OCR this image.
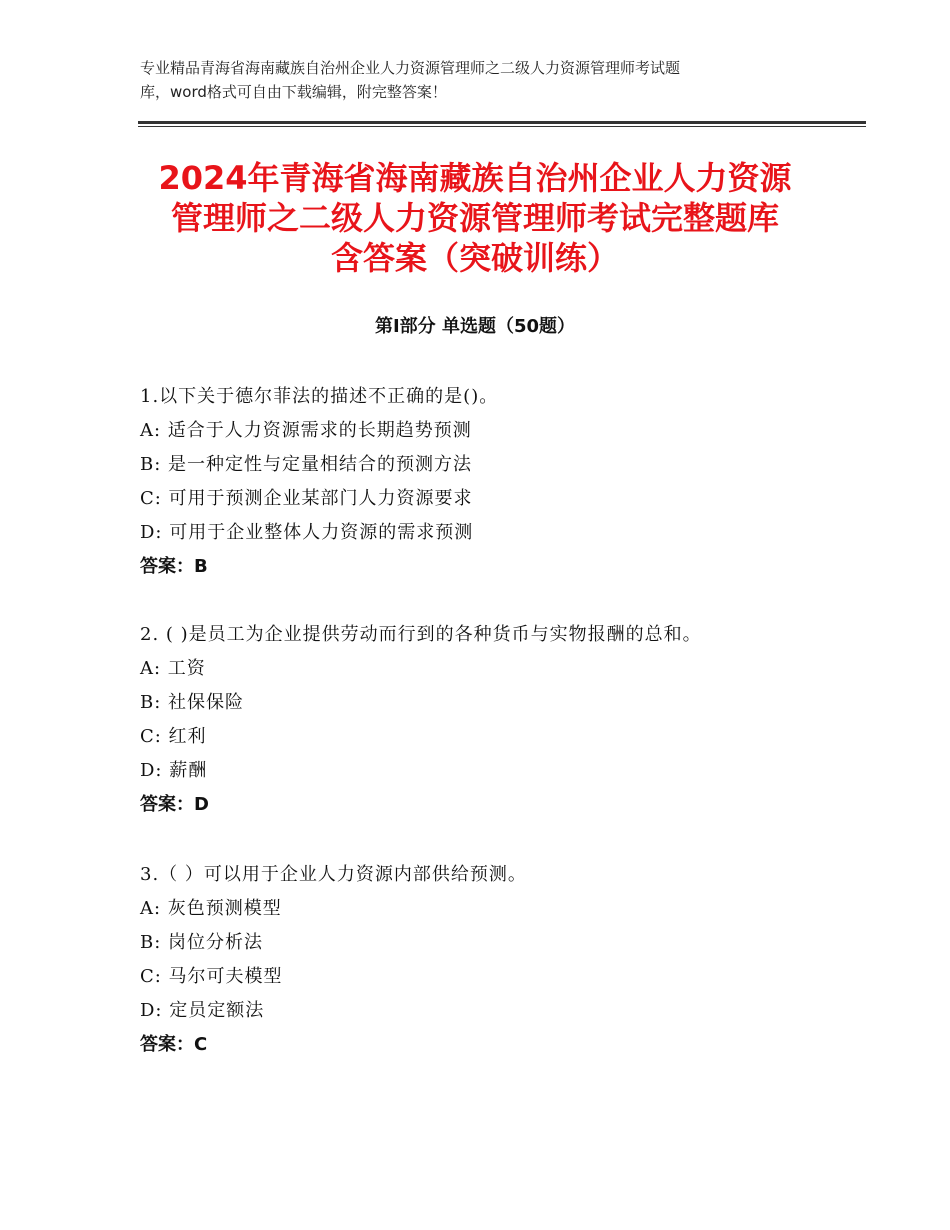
专业精品青海省海南藏族自治州企业人力资源管理师之二级人力资源管理师考试题
库，word格式可自由下载编辑，附完整答案！
2024年青海省海南藏族自治州企业人力资源
管理师之二级人力资源管理师考试完整题库
含答案（突破训练）
第Ⅰ部分 单选题（50题）
1.以下关于德尔菲法的描述不正确的是()。
A: 适合于人力资源需求的长期趋势预测
B: 是一种定性与定量相结合的预测方法
C: 可用于预测企业某部门人力资源要求
D: 可用于企业整体人力资源的需求预测
答案：B
2. ( )是员工为企业提供劳动而行到的各种货币与实物报酬的总和。
A: 工资
B: 社保保险
C: 红利
D: 薪酬
答案：D
3.（ ）可以用于企业人力资源内部供给预测。
A: 灰色预测模型
B: 岗位分析法
C: 马尔可夫模型
D: 定员定额法
答案：C
